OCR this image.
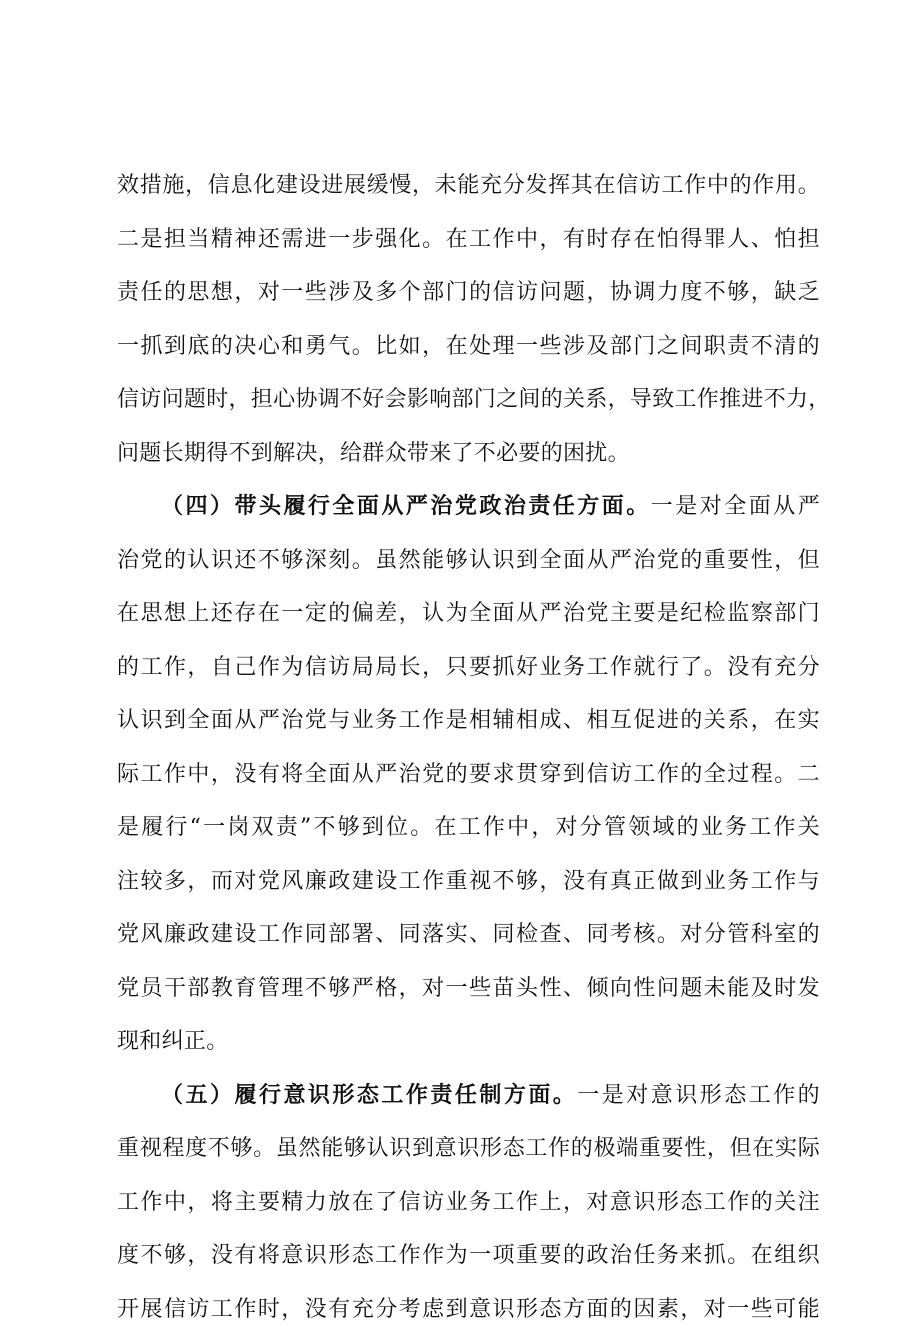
效措施，信息化建设进展缓慢，未能充分发挥其在信访工作中的作用。
二是担当精神还需进一步强化。在工作中，有时存在怕得罪人、怕担
责任的思想，对一些涉及多个部门的信访问题，协调力度不够，缺乏
一抓到底的决心和勇气。比如，在处理一些涉及部门之间职责不清的
信访问题时，担心协调不好会影响部门之间的关系，导致工作推进不力，
问题长期得不到解决，给群众带来了不必要的困扰。
（四）带头履行全面从严治党政治责任方面。一是对全面从严
治党的认识还不够深刻。虽然能够认识到全面从严治党的重要性，但
在思想上还存在一定的偏差，认为全面从严治党主要是纪检监察部门
的工作，自己作为信访局局长，只要抓好业务工作就行了。没有充分
认识到全面从严治党与业务工作是相辅相成、相互促进的关系，在实
际工作中，没有将全面从严治党的要求贯穿到信访工作的全过程。二
是履行“一岗双责”不够到位。在工作中，对分管领域的业务工作关
注较多，而对党风廉政建设工作重视不够，没有真正做到业务工作与
党风廉政建设工作同部署、同落实、同检查、同考核。对分管科室的
党员干部教育管理不够严格，对一些苗头性、倾向性问题未能及时发
现和纠正。
（五）履行意识形态工作责任制方面。一是对意识形态工作的
重视程度不够。虽然能够认识到意识形态工作的极端重要性，但在实际
工作中，将主要精力放在了信访业务工作上，对意识形态工作的关注
度不够，没有将意识形态工作作为一项重要的政治任务来抓。在组织
开展信访工作时，没有充分考虑到意识形态方面的因素，对一些可能
